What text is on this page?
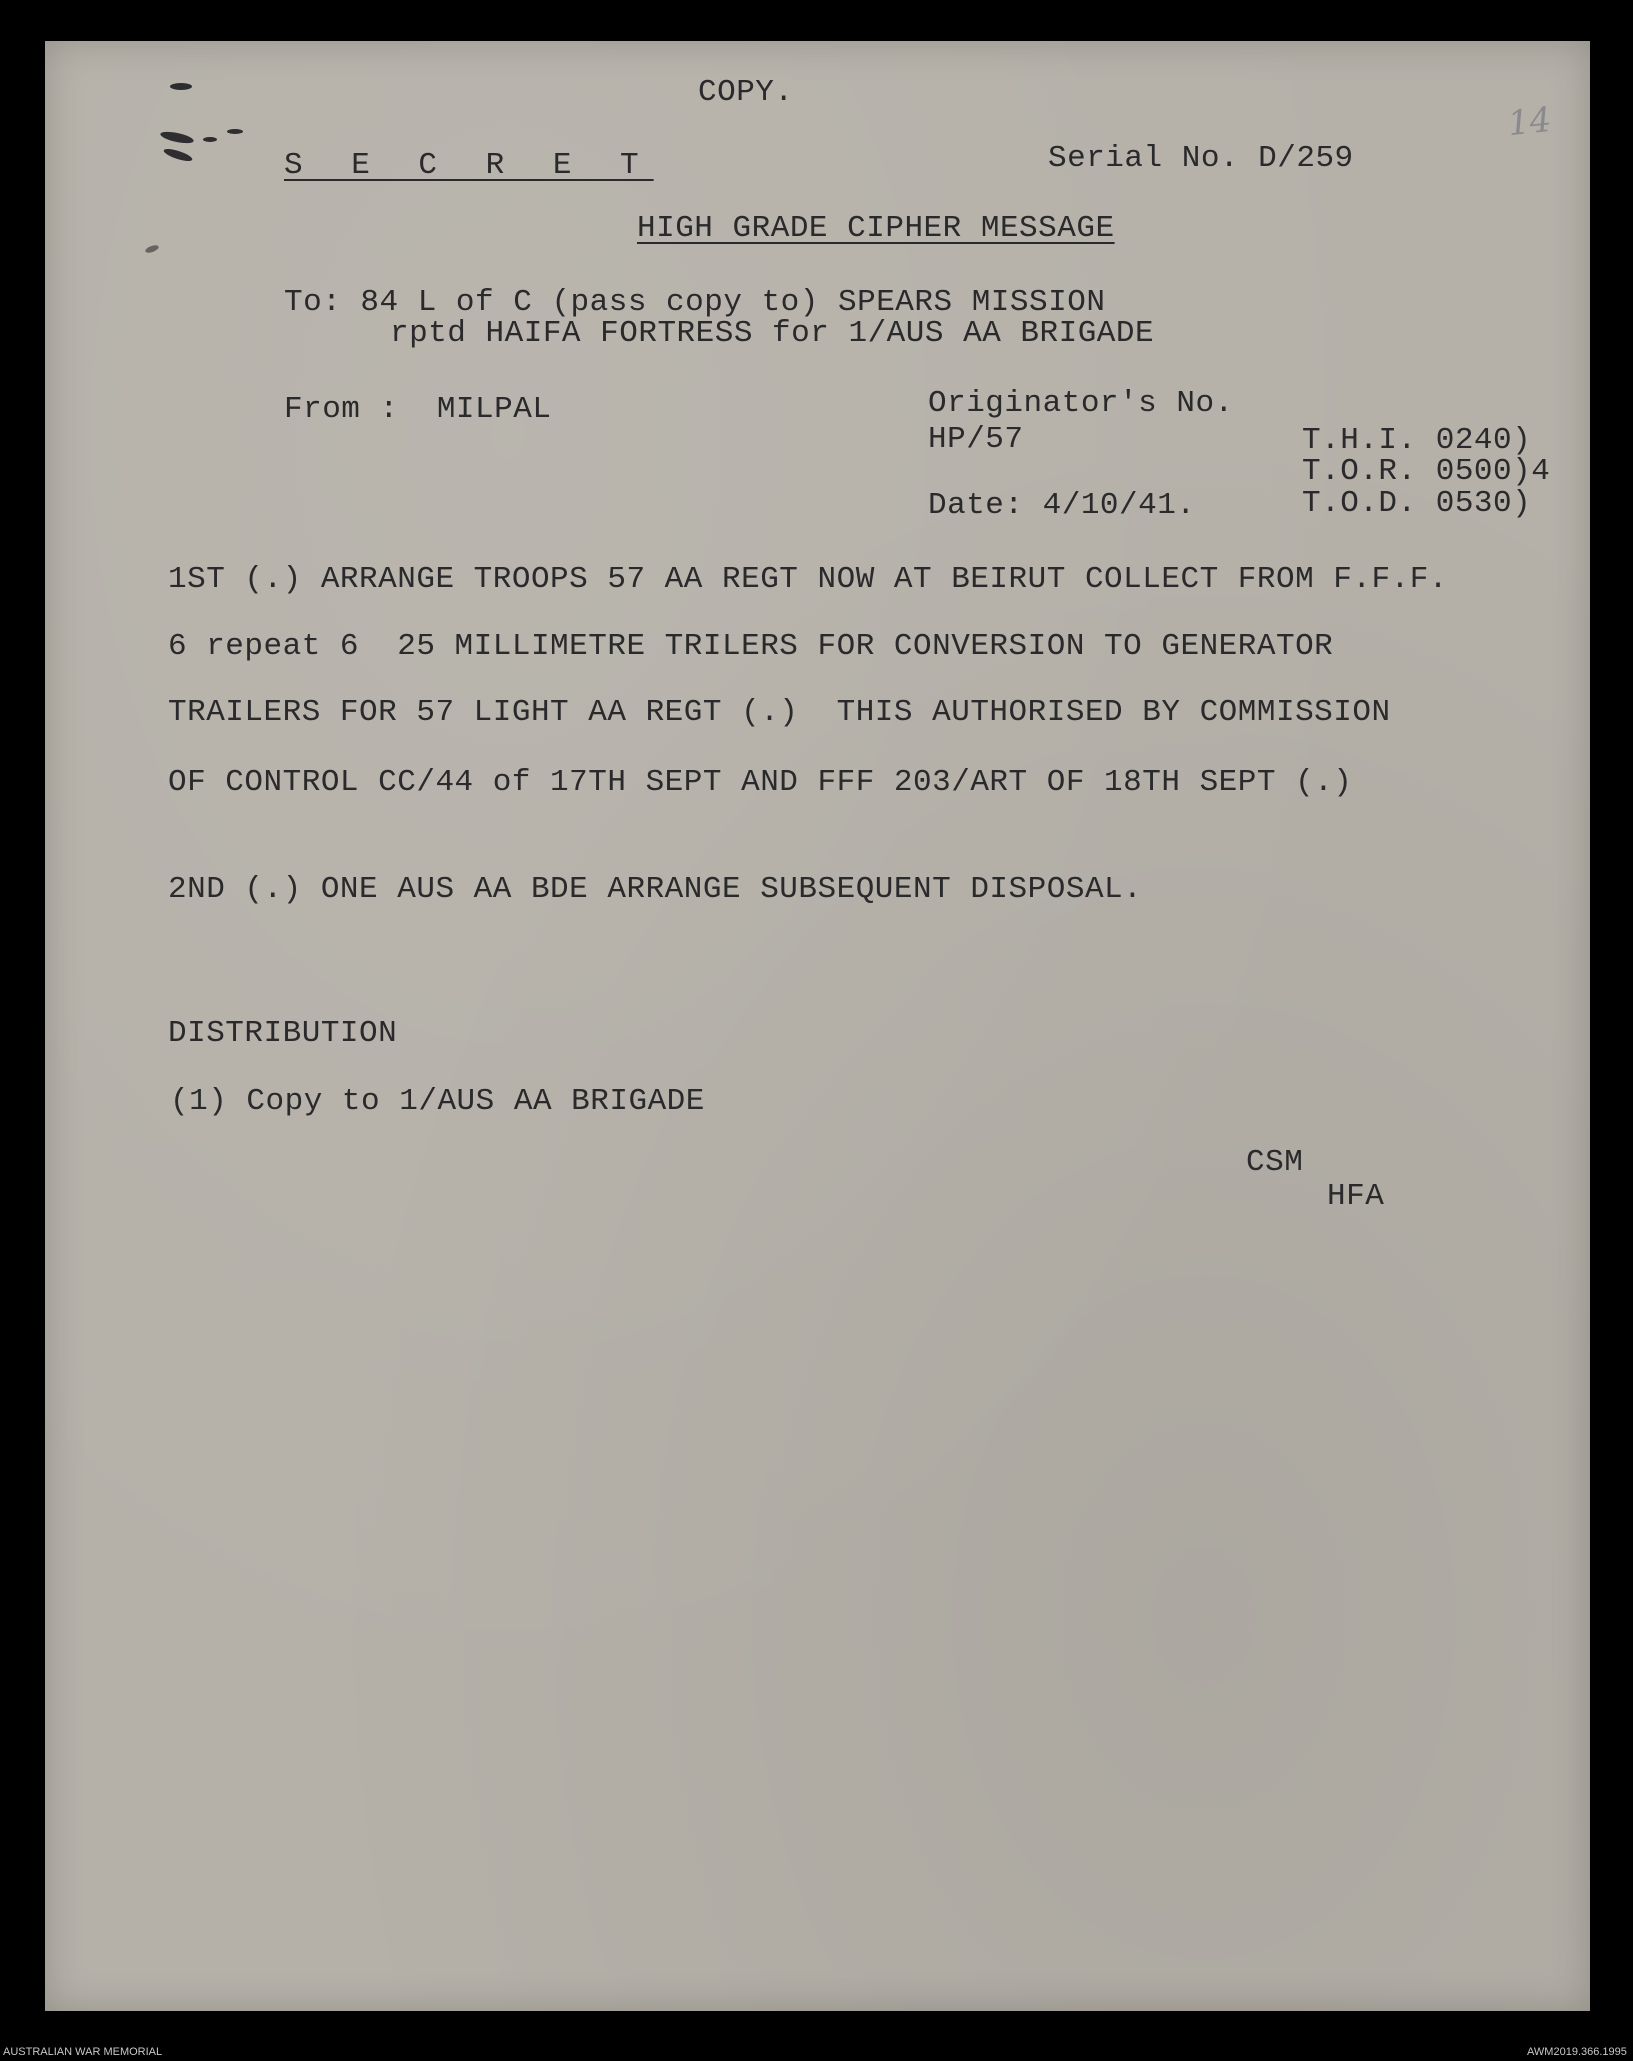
14
COPY.
S E C R E T	Serial No. D/259
HIGH GRADE CIPHER MESSAGE
To: 84 L of C (pass copy to) SPEARS MISSION
rptd HAIFA FORTRESS for 1/AUS AA BRIGADE
From :  MILPAL	Originator's No.
HP/57
Date: 4/10/41.
T.H.I. 0240)
T.O.R. 0500)4
T.O.D. 0530)
1ST (.) ARRANGE TROOPS 57 AA REGT NOW AT BEIRUT COLLECT FROM F.F.F.
6 repeat 6  25 MILLIMETRE TRILERS FOR CONVERSION TO GENERATOR
TRAILERS FOR 57 LIGHT AA REGT (.)  THIS AUTHORISED BY COMMISSION
OF CONTROL CC/44 of 17TH SEPT AND FFF 203/ART OF 18TH SEPT (.)
2ND (.) ONE AUS AA BDE ARRANGE SUBSEQUENT DISPOSAL.
DISTRIBUTION
(1) Copy to 1/AUS AA BRIGADE
CSM
HFA
AUSTRALIAN WAR MEMORIAL	AWM2019.366.1995
